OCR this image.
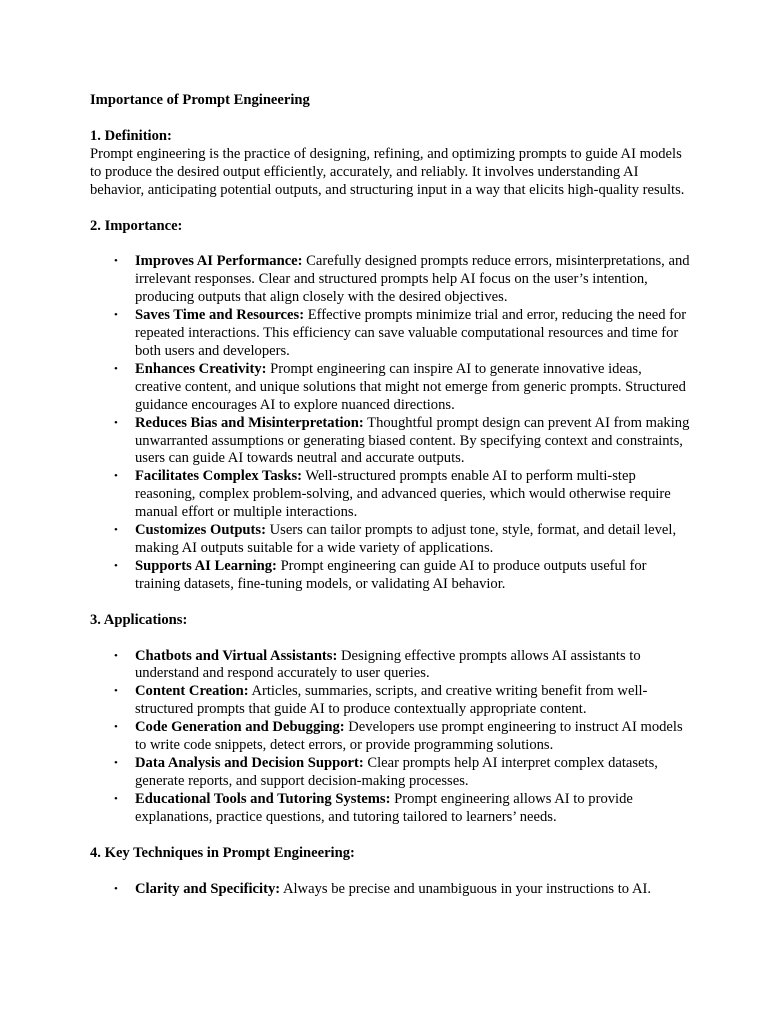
Importance of Prompt Engineering

1. Definition:

Prompt engineering is the practice of designing, refining, and optimizing prompts to guide AI models to produce the desired output efficiently, accurately, and reliably. It involves understanding AI behavior, anticipating potential outputs, and structuring input in a way that elicits high-quality results.

2. Importance:

• Improves AI Performance: Carefully designed prompts reduce errors, misinterpretations, and irrelevant responses. Clear and structured prompts help AI focus on the user’s intention, producing outputs that align closely with the desired objectives.
• Saves Time and Resources: Effective prompts minimize trial and error, reducing the need for repeated interactions. This efficiency can save valuable computational resources and time for both users and developers.
• Enhances Creativity: Prompt engineering can inspire AI to generate innovative ideas, creative content, and unique solutions that might not emerge from generic prompts. Structured guidance encourages AI to explore nuanced directions.
• Reduces Bias and Misinterpretation: Thoughtful prompt design can prevent AI from making unwarranted assumptions or generating biased content. By specifying context and constraints, users can guide AI towards neutral and accurate outputs.
• Facilitates Complex Tasks: Well-structured prompts enable AI to perform multi-step reasoning, complex problem-solving, and advanced queries, which would otherwise require manual effort or multiple interactions.
• Customizes Outputs: Users can tailor prompts to adjust tone, style, format, and detail level, making AI outputs suitable for a wide variety of applications.
• Supports AI Learning: Prompt engineering can guide AI to produce outputs useful for training datasets, fine-tuning models, or validating AI behavior.

3. Applications:

• Chatbots and Virtual Assistants: Designing effective prompts allows AI assistants to understand and respond accurately to user queries.
• Content Creation: Articles, summaries, scripts, and creative writing benefit from well-structured prompts that guide AI to produce contextually appropriate content.
• Code Generation and Debugging: Developers use prompt engineering to instruct AI models to write code snippets, detect errors, or provide programming solutions.
• Data Analysis and Decision Support: Clear prompts help AI interpret complex datasets, generate reports, and support decision-making processes.
• Educational Tools and Tutoring Systems: Prompt engineering allows AI to provide explanations, practice questions, and tutoring tailored to learners’ needs.

4. Key Techniques in Prompt Engineering:

• Clarity and Specificity: Always be precise and unambiguous in your instructions to AI.
